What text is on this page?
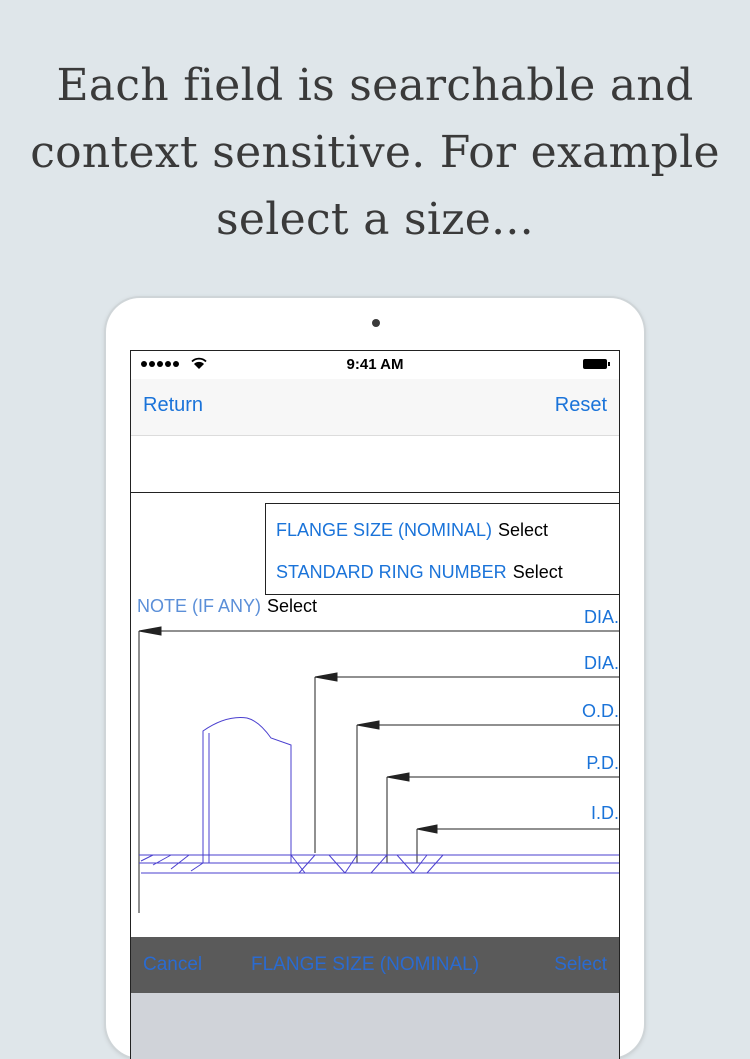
Each field is searchable and
context sensitive. For example
select a size...
9:41 AM
Return	Reset
FLANGE SIZE (NOMINAL) Select
STANDARD RING NUMBER Select
NOTE (IF ANY) Select
DIA.
DIA.
O.D.
P.D.
I.D.
Cancel	FLANGE SIZE (NOMINAL)	Select
